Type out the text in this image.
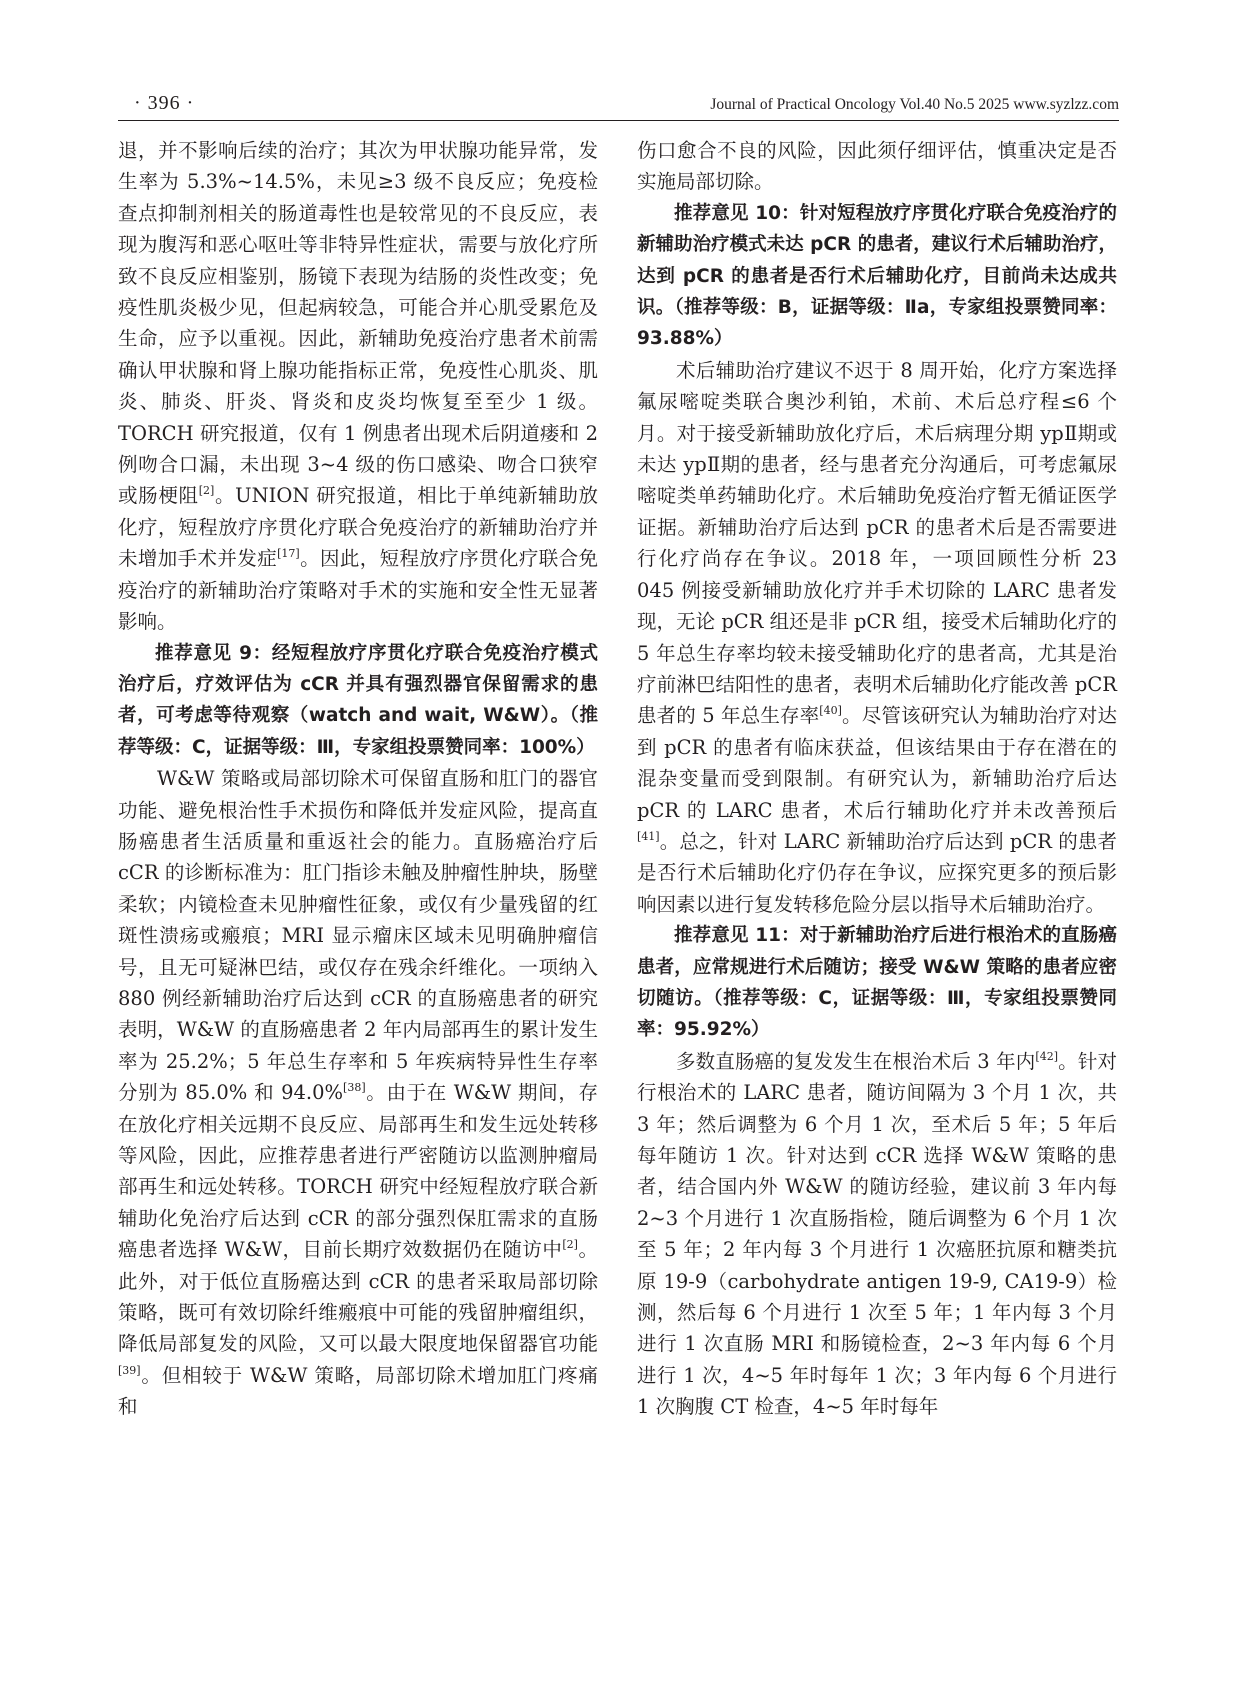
· 396 ·	Journal of Practical Oncology Vol.40 No.5 2025 www.syzlzz.com

退，并不影响后续的治疗；其次为甲状腺功能异常，发生率为 5.3%~14.5%，未见≥3 级不良反应；免疫检查点抑制剂相关的肠道毒性也是较常见的不良反应，表现为腹泻和恶心呕吐等非特异性症状，需要与放化疗所致不良反应相鉴别，肠镜下表现为结肠的炎性改变；免疫性肌炎极少见，但起病较急，可能合并心肌受累危及生命，应予以重视。因此，新辅助免疫治疗患者术前需确认甲状腺和肾上腺功能指标正常，免疫性心肌炎、肌炎、肺炎、肝炎、肾炎和皮炎均恢复至至少 1 级。TORCH 研究报道，仅有 1 例患者出现术后阴道瘘和 2 例吻合口漏，未出现 3~4 级的伤口感染、吻合口狭窄或肠梗阻[2]。UNION 研究报道，相比于单纯新辅助放化疗，短程放疗序贯化疗联合免疫治疗的新辅助治疗并未增加手术并发症[17]。因此，短程放疗序贯化疗联合免疫治疗的新辅助治疗策略对手术的实施和安全性无显著影响。

推荐意见 9：经短程放疗序贯化疗联合免疫治疗模式治疗后，疗效评估为 cCR 并具有强烈器官保留需求的患者，可考虑等待观察（watch and wait, W&W）。（推荐等级：C，证据等级：Ⅲ，专家组投票赞同率：100%）

W&W 策略或局部切除术可保留直肠和肛门的器官功能、避免根治性手术损伤和降低并发症风险，提高直肠癌患者生活质量和重返社会的能力。直肠癌治疗后 cCR 的诊断标准为：肛门指诊未触及肿瘤性肿块，肠壁柔软；内镜检查未见肿瘤性征象，或仅有少量残留的红斑性溃疡或瘢痕；MRI 显示瘤床区域未见明确肿瘤信号，且无可疑淋巴结，或仅存在残余纤维化。一项纳入 880 例经新辅助治疗后达到 cCR 的直肠癌患者的研究表明，W&W 的直肠癌患者 2 年内局部再生的累计发生率为 25.2%；5 年总生存率和 5 年疾病特异性生存率分别为 85.0% 和 94.0%[38]。由于在 W&W 期间，存在放化疗相关远期不良反应、局部再生和发生远处转移等风险，因此，应推荐患者进行严密随访以监测肿瘤局部再生和远处转移。TORCH 研究中经短程放疗联合新辅助化免治疗后达到 cCR 的部分强烈保肛需求的直肠癌患者选择 W&W，目前长期疗效数据仍在随访中[2]。此外，对于低位直肠癌达到 cCR 的患者采取局部切除策略，既可有效切除纤维瘢痕中可能的残留肿瘤组织，降低局部复发的风险，又可以最大限度地保留器官功能[39]。但相较于 W&W 策略，局部切除术增加肛门疼痛和

伤口愈合不良的风险，因此须仔细评估，慎重决定是否实施局部切除。

推荐意见 10：针对短程放疗序贯化疗联合免疫治疗的新辅助治疗模式未达 pCR 的患者，建议行术后辅助治疗，达到 pCR 的患者是否行术后辅助化疗，目前尚未达成共识。（推荐等级：B，证据等级：Ⅱa，专家组投票赞同率：93.88%）

术后辅助治疗建议不迟于 8 周开始，化疗方案选择氟尿嘧啶类联合奥沙利铂，术前、术后总疗程≤6 个月。对于接受新辅助放化疗后，术后病理分期 ypⅡ期或未达 ypⅡ期的患者，经与患者充分沟通后，可考虑氟尿嘧啶类单药辅助化疗。术后辅助免疫治疗暂无循证医学证据。新辅助治疗后达到 pCR 的患者术后是否需要进行化疗尚存在争议。2018 年，一项回顾性分析 23 045 例接受新辅助放化疗并手术切除的 LARC 患者发现，无论 pCR 组还是非 pCR 组，接受术后辅助化疗的 5 年总生存率均较未接受辅助化疗的患者高，尤其是治疗前淋巴结阳性的患者，表明术后辅助化疗能改善 pCR 患者的 5 年总生存率[40]。尽管该研究认为辅助治疗对达到 pCR 的患者有临床获益，但该结果由于存在潜在的混杂变量而受到限制。有研究认为，新辅助治疗后达 pCR 的 LARC 患者，术后行辅助化疗并未改善预后[41]。总之，针对 LARC 新辅助治疗后达到 pCR 的患者是否行术后辅助化疗仍存在争议，应探究更多的预后影响因素以进行复发转移危险分层以指导术后辅助治疗。

推荐意见 11：对于新辅助治疗后进行根治术的直肠癌患者，应常规进行术后随访；接受 W&W 策略的患者应密切随访。（推荐等级：C，证据等级：Ⅲ，专家组投票赞同率：95.92%）

多数直肠癌的复发发生在根治术后 3 年内[42]。针对行根治术的 LARC 患者，随访间隔为 3 个月 1 次，共 3 年；然后调整为 6 个月 1 次，至术后 5 年；5 年后每年随访 1 次。针对达到 cCR 选择 W&W 策略的患者，结合国内外 W&W 的随访经验，建议前 3 年内每 2~3 个月进行 1 次直肠指检，随后调整为 6 个月 1 次至 5 年；2 年内每 3 个月进行 1 次癌胚抗原和糖类抗原 19-9（carbohydrate antigen 19-9, CA19-9）检测，然后每 6 个月进行 1 次至 5 年；1 年内每 3 个月进行 1 次直肠 MRI 和肠镜检查，2~3 年内每 6 个月进行 1 次，4~5 年时每年 1 次；3 年内每 6 个月进行 1 次胸腹 CT 检查，4~5 年时每年
